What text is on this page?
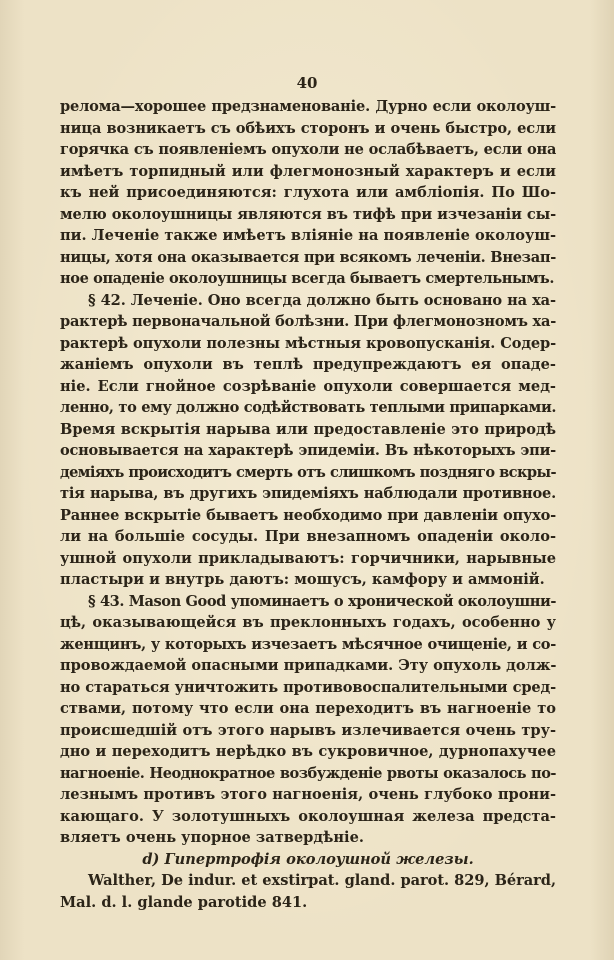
40
релома—хорошее предзнаменованіе. Дурно если околоуш-
ница возникаетъ съ обѣихъ сторонъ и очень быстро, если
горячка съ появленіемъ опухоли не ослабѣваетъ, если она
имѣетъ торпидный или флегмонозный характеръ и если
къ ней присоединяются: глухота или амбліопія. По Шо-
мелю околоушницы являются въ тифѣ при изчезаніи сы-
пи. Леченіе также имѣетъ вліяніе на появленіе околоуш-
ницы, хотя она оказывается при всякомъ леченіи. Внезап-
ное опаденіе околоушницы всегда бываетъ смертельнымъ.
§ 42. Леченіе. Оно всегда должно быть основано на ха-
рактерѣ первоначальной болѣзни. При флегмонозномъ ха-
рактерѣ опухоли полезны мѣстныя кровопусканія. Содер-
жаніемъ опухоли въ теплѣ предупреждаютъ ея опаде-
ніе. Если гнойное созрѣваніе опухоли совершается мед-
ленно, то ему должно содѣйствовать теплыми припарками.
Время вскрытія нарыва или предоставленіе это природѣ
основывается на характерѣ эпидеміи. Въ нѣкоторыхъ эпи-
деміяхъ происходитъ смерть отъ слишкомъ поздняго вскры-
тія нарыва, въ другихъ эпидеміяхъ наблюдали противное.
Раннее вскрытіе бываетъ необходимо при давленіи опухо-
ли на большіе сосуды. При внезапномъ опаденіи около-
ушной опухоли прикладываютъ: горчичники, нарывные
пластыри и внутрь даютъ: мошусъ, камфору и аммоній.
§ 43. Mason Good упоминаетъ о хронической околоушни-
цѣ, оказывающейся въ преклонныхъ годахъ, особенно у
женщинъ, у которыхъ изчезаетъ мѣсячное очищеніе, и со-
провождаемой опасными припадками. Эту опухоль долж-
но стараться уничтожить противовоспалительными сред-
ствами, потому что если она переходитъ въ нагноеніе то
происшедшій отъ этого нарывъ излечивается очень тру-
дно и переходитъ нерѣдко въ сукровичное, дурнопахучее
нагноеніе. Неоднократное возбужденіе рвоты оказалось по-
лезнымъ противъ этого нагноенія, очень глубоко прони-
кающаго. У золотушныхъ околоушная железа предста-
вляетъ очень упорное затвердѣніе.
d) Гипертрофія околоушной железы.
Walther, De indur. et exstirpat. gland. parot. 829, Bérard,
Mal. d. l. glande parotide 841.
